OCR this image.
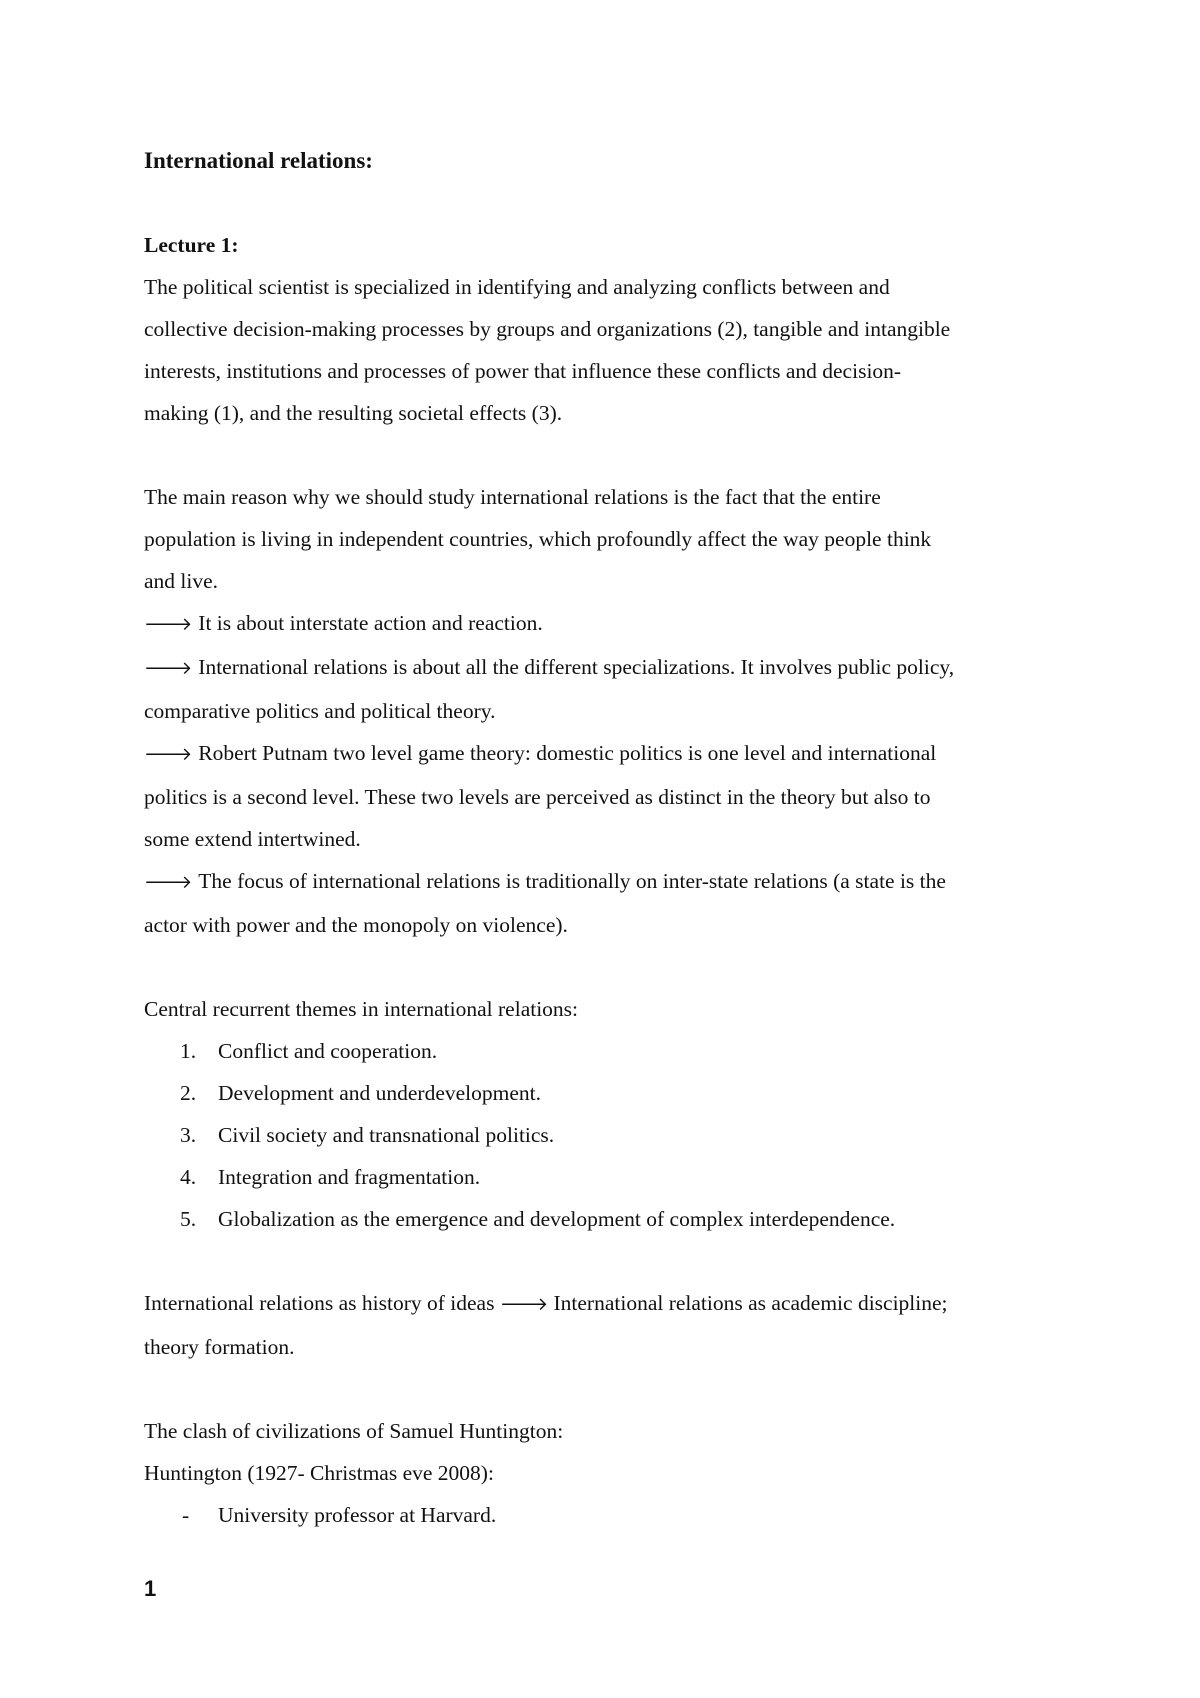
International relations:

Lecture 1:

The political scientist is specialized in identifying and analyzing conflicts between and

collective decision-making processes by groups and organizations (2), tangible and intangible

interests, institutions and processes of power that influence these conflicts and decision-

making (1), and the resulting societal effects (3).

The main reason why we should study international relations is the fact that the entire

population is living in independent countries, which profoundly affect the way people think

and live.

🡒 It is about interstate action and reaction.

🡒 International relations is about all the different specializations. It involves public policy,

comparative politics and political theory.

🡒 Robert Putnam two level game theory: domestic politics is one level and international

politics is a second level. These two levels are perceived as distinct in the theory but also to

some extend intertwined.

🡒 The focus of international relations is traditionally on inter-state relations (a state is the

actor with power and the monopoly on violence).

Central recurrent themes in international relations:

1.	Conflict and cooperation.
2.	Development and underdevelopment.
3.	Civil society and transnational politics.
4.	Integration and fragmentation.
5.	Globalization as the emergence and development of complex interdependence.

International relations as history of ideas 🡒 International relations as academic discipline;

theory formation.

The clash of civilizations of Samuel Huntington:

Huntington (1927- Christmas eve 2008):

- University professor at Harvard.
1
